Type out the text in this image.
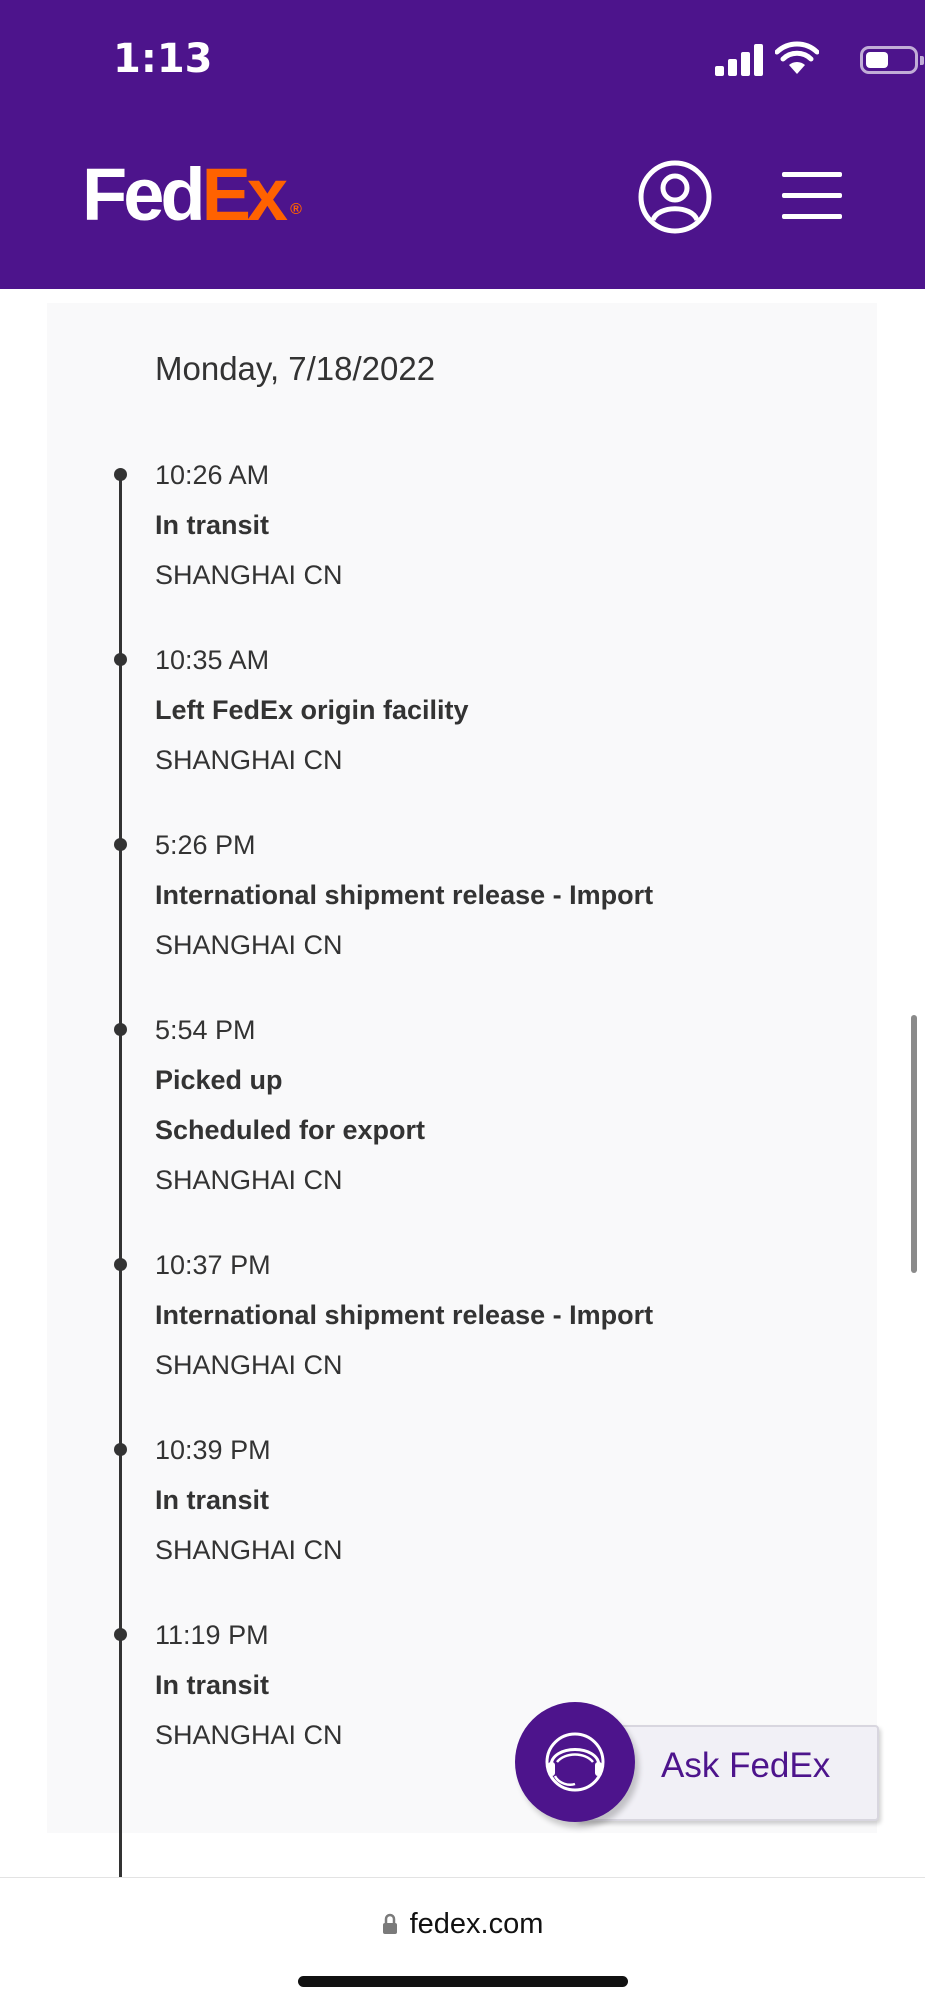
1:13
FedEx ®
Monday, 7/18/2022
10:26 AM
In transit
SHANGHAI CN
10:35 AM
Left FedEx origin facility
SHANGHAI CN
5:26 PM
International shipment release - Import
SHANGHAI CN
5:54 PM
Picked up
Scheduled for export
SHANGHAI CN
10:37 PM
International shipment release - Import
SHANGHAI CN
10:39 PM
In transit
SHANGHAI CN
11:19 PM
In transit
SHANGHAI CN
Ask FedEx
fedex.com
